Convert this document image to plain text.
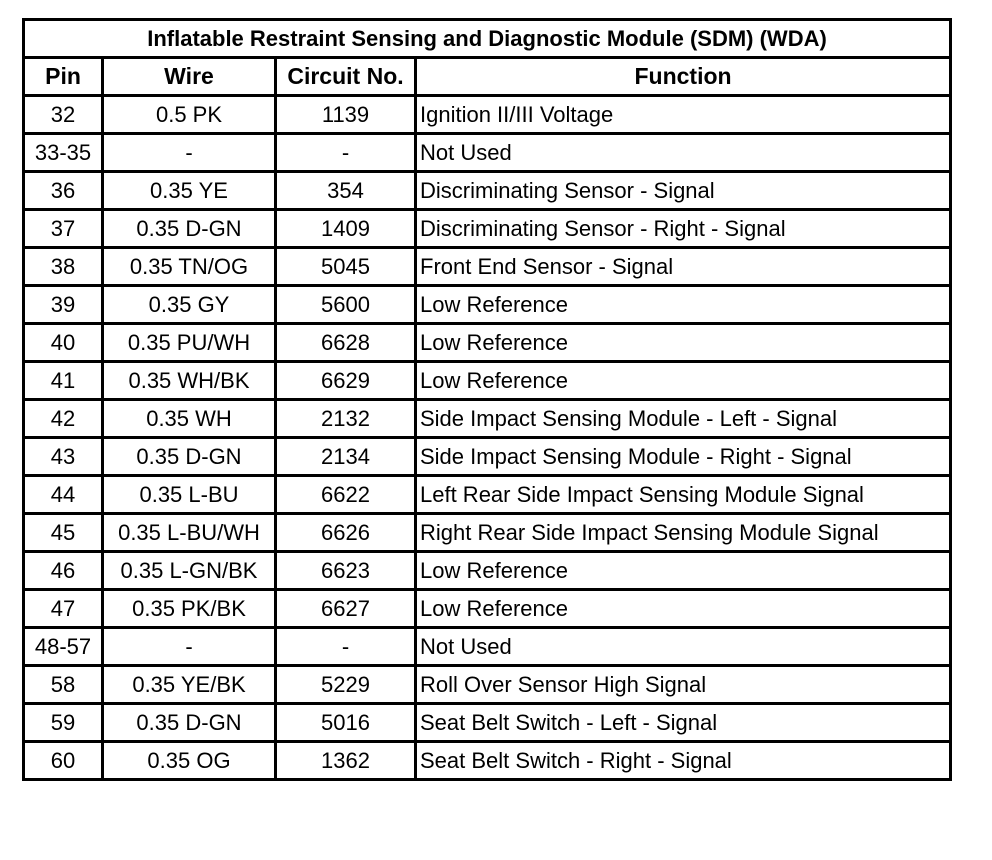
Inflatable Restraint Sensing and Diagnostic Module (SDM) (WDA)			
Pin	Wire	Circuit No.	Function
32	0.5 PK	1139	Ignition II/III Voltage
33-35	-	-	Not Used
36	0.35 YE	354	Discriminating Sensor - Signal
37	0.35 D-GN	1409	Discriminating Sensor - Right - Signal
38	0.35 TN/OG	5045	Front End Sensor - Signal
39	0.35 GY	5600	Low Reference
40	0.35 PU/WH	6628	Low Reference
41	0.35 WH/BK	6629	Low Reference
42	0.35 WH	2132	Side Impact Sensing Module - Left - Signal
43	0.35 D-GN	2134	Side Impact Sensing Module - Right - Signal
44	0.35 L-BU	6622	Left Rear Side Impact Sensing Module Signal
45	0.35 L-BU/WH	6626	Right Rear Side Impact Sensing Module Signal
46	0.35 L-GN/BK	6623	Low Reference
47	0.35 PK/BK	6627	Low Reference
48-57	-	-	Not Used
58	0.35 YE/BK	5229	Roll Over Sensor High Signal
59	0.35 D-GN	5016	Seat Belt Switch - Left - Signal
60	0.35 OG	1362	Seat Belt Switch - Right - Signal
